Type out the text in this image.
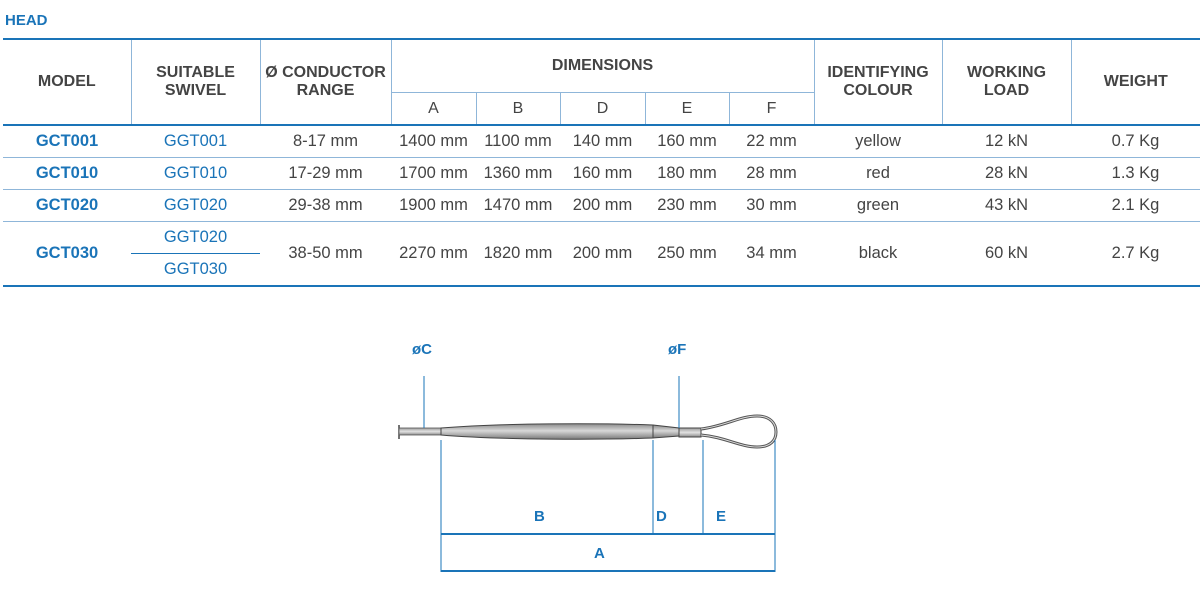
HEAD
MODEL	SUITABLE SWIVEL	Ø CONDUCTOR RANGE	DIMENSIONS					IDENTIFYING COLOUR	WORKING LOAD	WEIGHT
			A	B	D	E	F			
GCT001	GGT001	8-17 mm	1400 mm	1100 mm	140 mm	160 mm	22 mm	yellow	12 kN	0.7 Kg
GCT010	GGT010	17-29 mm	1700 mm	1360 mm	160 mm	180 mm	28 mm	red	28 kN	1.3 Kg
GCT020	GGT020	29-38 mm	1900 mm	1470 mm	200 mm	230 mm	30 mm	green	43 kN	2.1 Kg
GCT030	GGT020	38-50 mm	2270 mm	1820 mm	200 mm	250 mm	34 mm	black	60 kN	2.7 Kg
	GGT030									
øC	øF
B	D	E
A
